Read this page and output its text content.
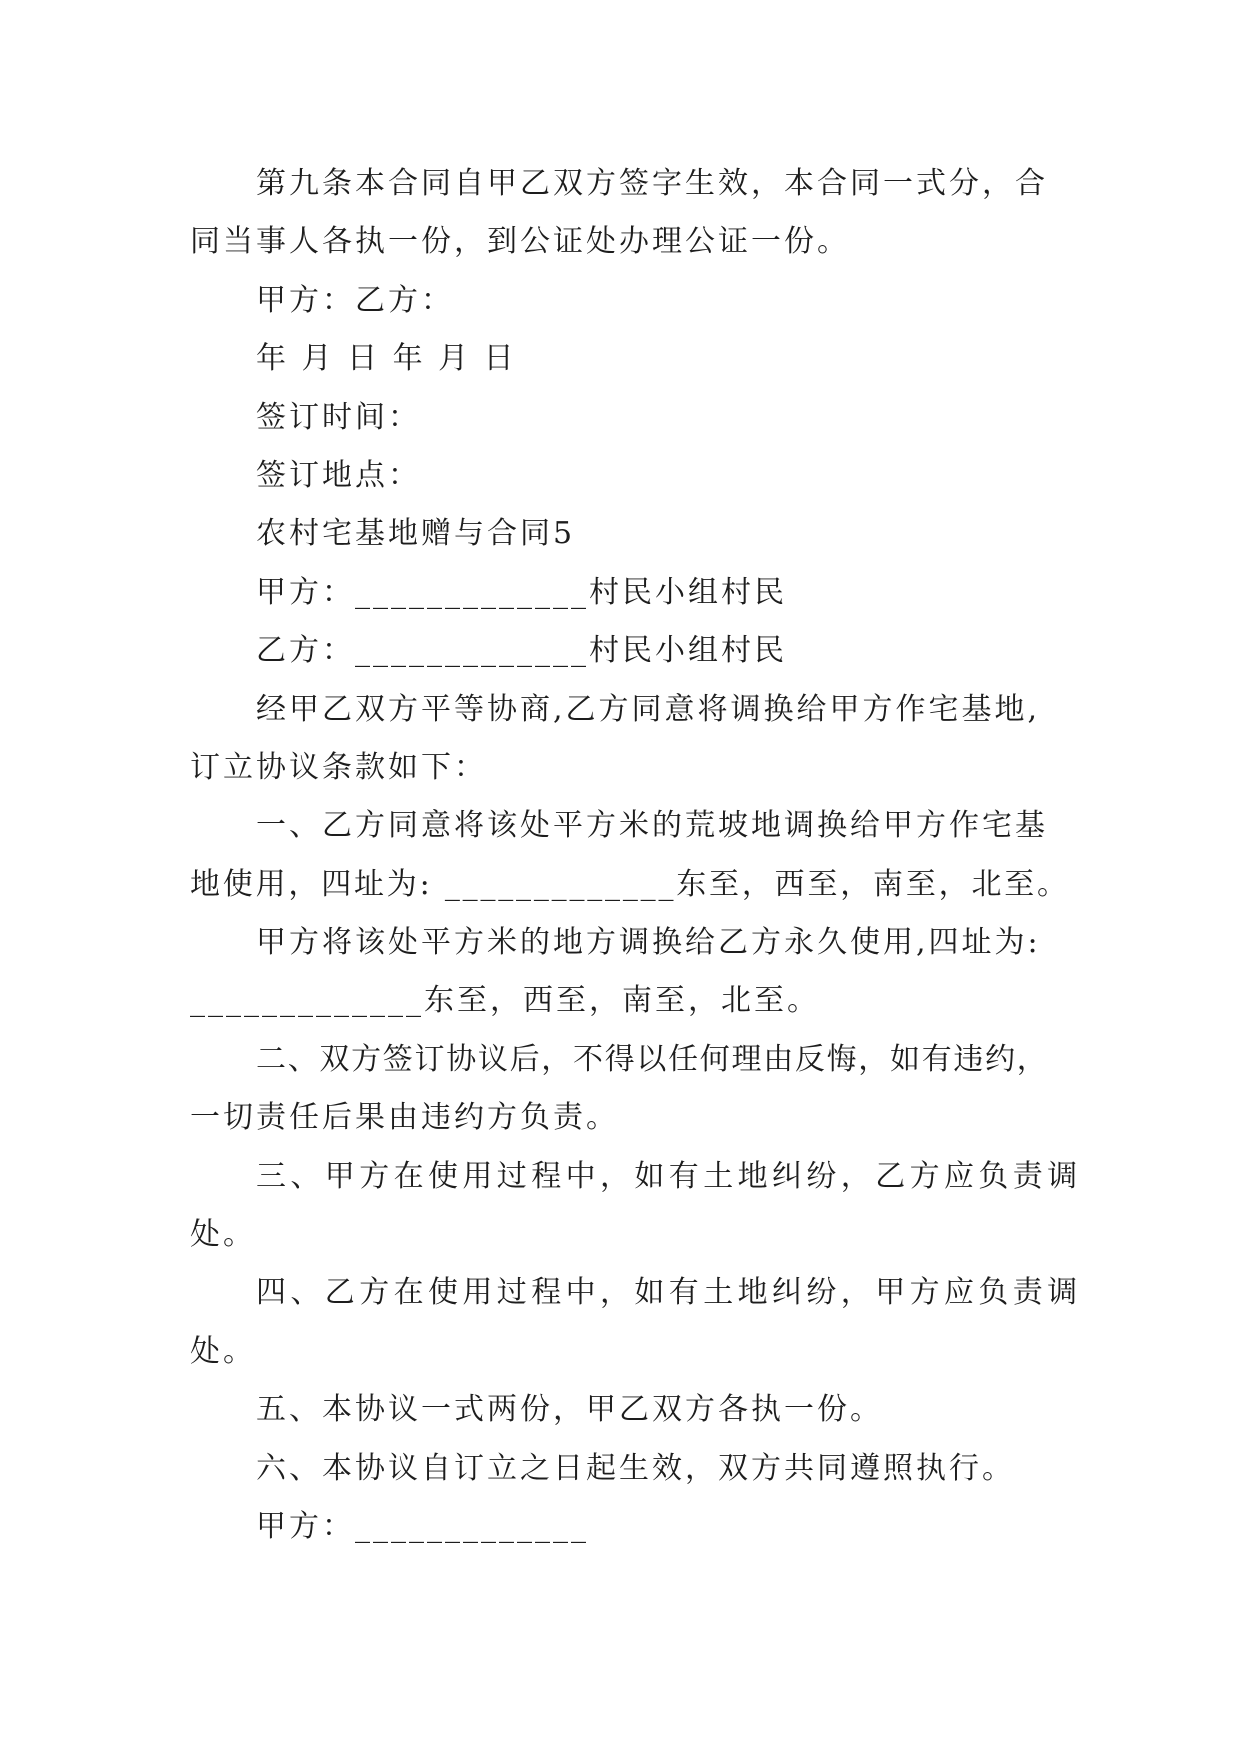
第九条本合同自甲乙双方签字生效，本合同一式分，合
同当事人各执一份，到公证处办理公证一份。
甲方：乙方：
年 月 日 年 月 日
签订时间：
签订地点：
农村宅基地赠与合同5
甲方：_____________村民小组村民
乙方：_____________村民小组村民
经甲乙双方平等协商,乙方同意将调换给甲方作宅基地,
订立协议条款如下：
一、乙方同意将该处平方米的荒坡地调换给甲方作宅基
地使用，四址为: _____________东至，西至，南至，北至。
甲方将该处平方米的地方调换给乙方永久使用,四址为:
_____________东至，西至，南至，北至。
二、双方签订协议后，不得以任何理由反悔，如有违约，
一切责任后果由违约方负责。
三、甲方在使用过程中，如有土地纠纷，乙方应负责调
处。
四、乙方在使用过程中，如有土地纠纷，甲方应负责调
处。
五、本协议一式两份，甲乙双方各执一份。
六、本协议自订立之日起生效，双方共同遵照执行。
甲方：_____________
